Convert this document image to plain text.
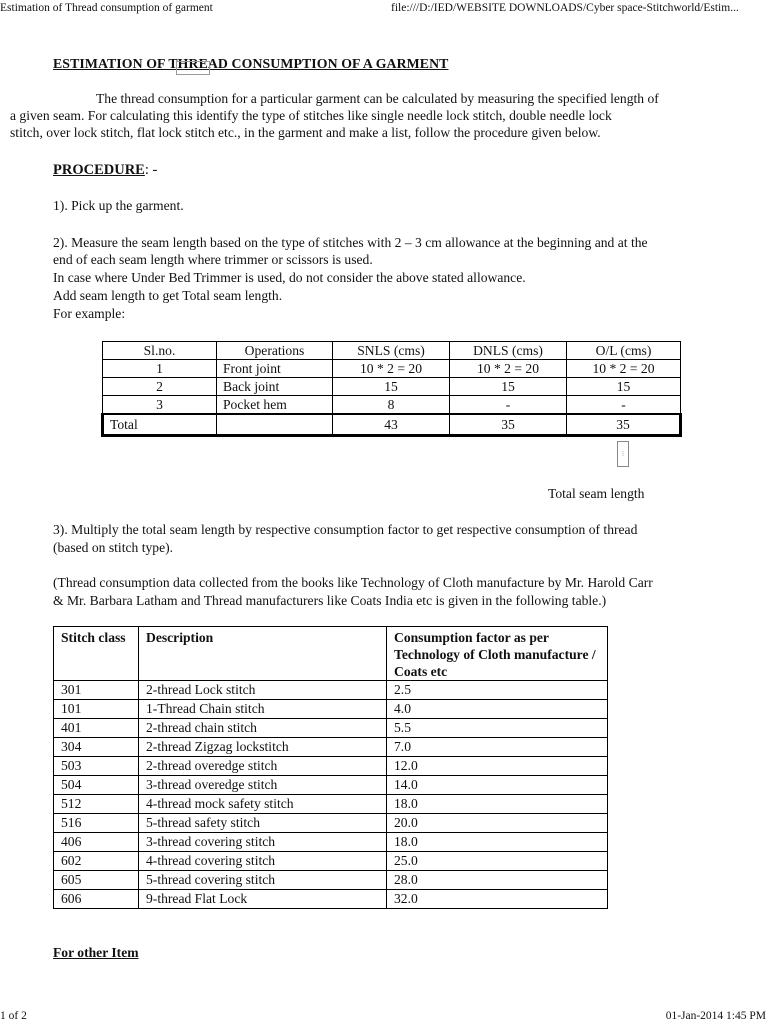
Estimation of Thread consumption of garment	file:///D:/IED/WEBSITE DOWNLOADS/Cyber space-Stitchworld/Estim...
ESTIMATION OF THREAD CONSUMPTION OF A GARMENT
The thread consumption for a particular garment can be calculated by measuring the specified length of
a given seam. For calculating this identify the type of stitches like single needle lock stitch, double needle lock
stitch, over lock stitch, flat lock stitch etc., in the garment and make a list, follow the procedure given below.
PROCEDURE: -
1). Pick up the garment.
2). Measure the seam length based on the type of stitches with 2 – 3 cm allowance at the beginning and at the
end of each seam length where trimmer or scissors is used.
In case where Under Bed Trimmer is used, do not consider the above stated allowance.
Add seam length to get Total seam length.
For example:
Sl.no.	Operations	SNLS (cms)	DNLS (cms)	O/L (cms)
1	Front joint	10 * 2 = 20	10 * 2 = 20	10 * 2 = 20
2	Back joint	15	15	15
3	Pocket hem	8	-	-
Total		43	35	35
⁝
Total seam length
3). Multiply the total seam length by respective consumption factor to get respective consumption of thread
(based on stitch type).
(Thread consumption data collected from the books like Technology of Cloth manufacture by Mr. Harold Carr
& Mr. Barbara Latham and Thread manufacturers like Coats India etc is given in the following table.)
Stitch class	Description	Consumption factor as per Technology of Cloth manufacture / Coats etc
301	2-thread Lock stitch	2.5
101	1-Thread Chain stitch	4.0
401	2-thread chain stitch	5.5
304	2-thread Zigzag lockstitch	7.0
503	2-thread overedge stitch	12.0
504	3-thread overedge stitch	14.0
512	4-thread mock safety stitch	18.0
516	5-thread safety stitch	20.0
406	3-thread covering stitch	18.0
602	4-thread covering stitch	25.0
605	5-thread covering stitch	28.0
606	9-thread Flat Lock	32.0
For other Item
1 of 2	01-Jan-2014 1:45 PM
